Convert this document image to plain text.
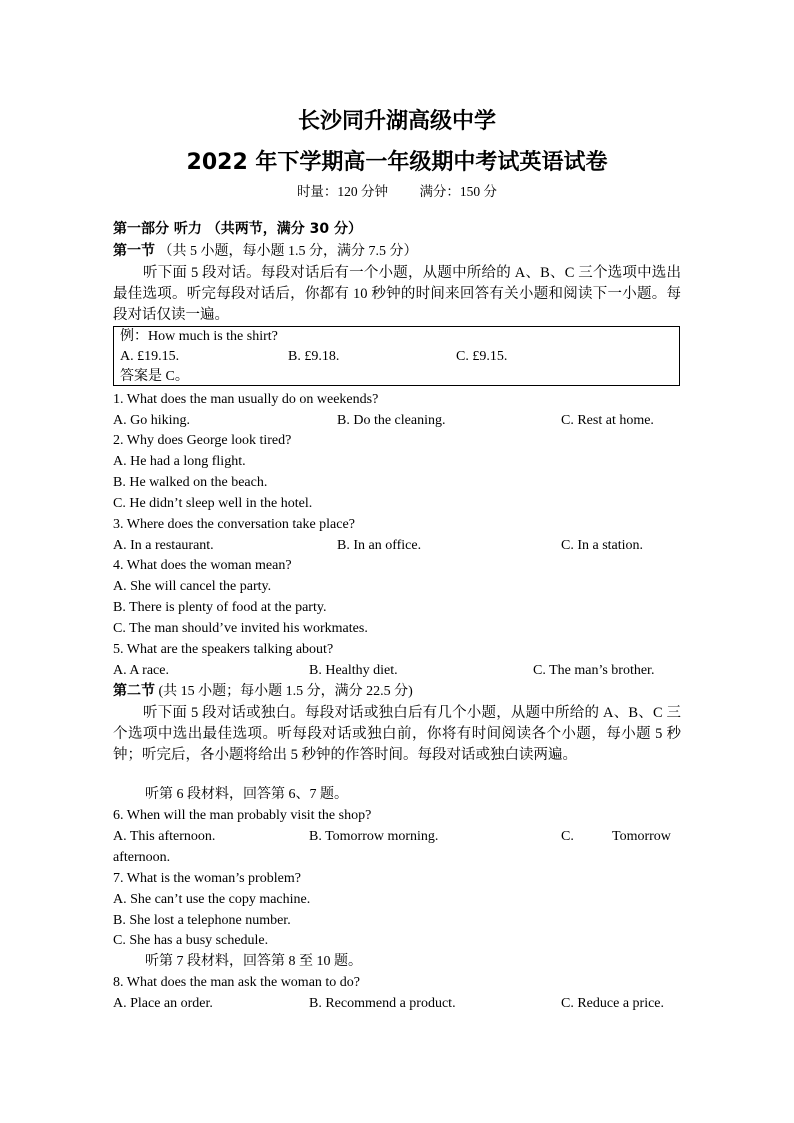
长沙同升湖高级中学
2022 年下学期高一年级期中考试英语试卷
时量：120 分钟 满分：150 分
第一部分 听力 （共两节，满分 30 分）
第一节 （共 5 小题，每小题 1.5 分，满分 7.5 分）
听下面 5 段对话。每段对话后有一个小题，从题中所给的 A、B、C 三个选项中选出最佳选项。听完每段对话后，你都有 10 秒钟的时间来回答有关小题和阅读下一小题。每段对话仅读一遍。
例：How much is the shirt?
A. £19.15.	B. £9.18.	C. £9.15.
答案是 C。
1. What does the man usually do on weekends?
A. Go hiking.	B. Do the cleaning.	C. Rest at home.
2. Why does George look tired?
A. He had a long flight.
B. He walked on the beach.
C. He didn’t sleep well in the hotel.
3. Where does the conversation take place?
A. In a restaurant.	B. In an office.	C. In a station.
4. What does the woman mean?
A. She will cancel the party.
B. There is plenty of food at the party.
C. The man should’ve invited his workmates.
5. What are the speakers talking about?
A. A race.	B. Healthy diet.	C. The man’s brother.
第二节 (共 15 小题；每小题 1.5 分，满分 22.5 分)
听下面 5 段对话或独白。每段对话或独白后有几个小题，从题中所给的 A、B、C 三个选项中选出最佳选项。听每段对话或独白前，你将有时间阅读各个小题，每小题 5 秒钟；听完后，各小题将给出 5 秒钟的作答时间。每段对话或独白读两遍。
听第 6 段材料，回答第 6、7 题。
6. When will the man probably visit the shop?
A. This afternoon.	B. Tomorrow morning.	C.	Tomorrow
afternoon.
7. What is the woman’s problem?
A. She can’t use the copy machine.
B. She lost a telephone number.
C. She has a busy schedule.
听第 7 段材料，回答第 8 至 10 题。
8. What does the man ask the woman to do?
A. Place an order.	B. Recommend a product.	C. Reduce a price.
